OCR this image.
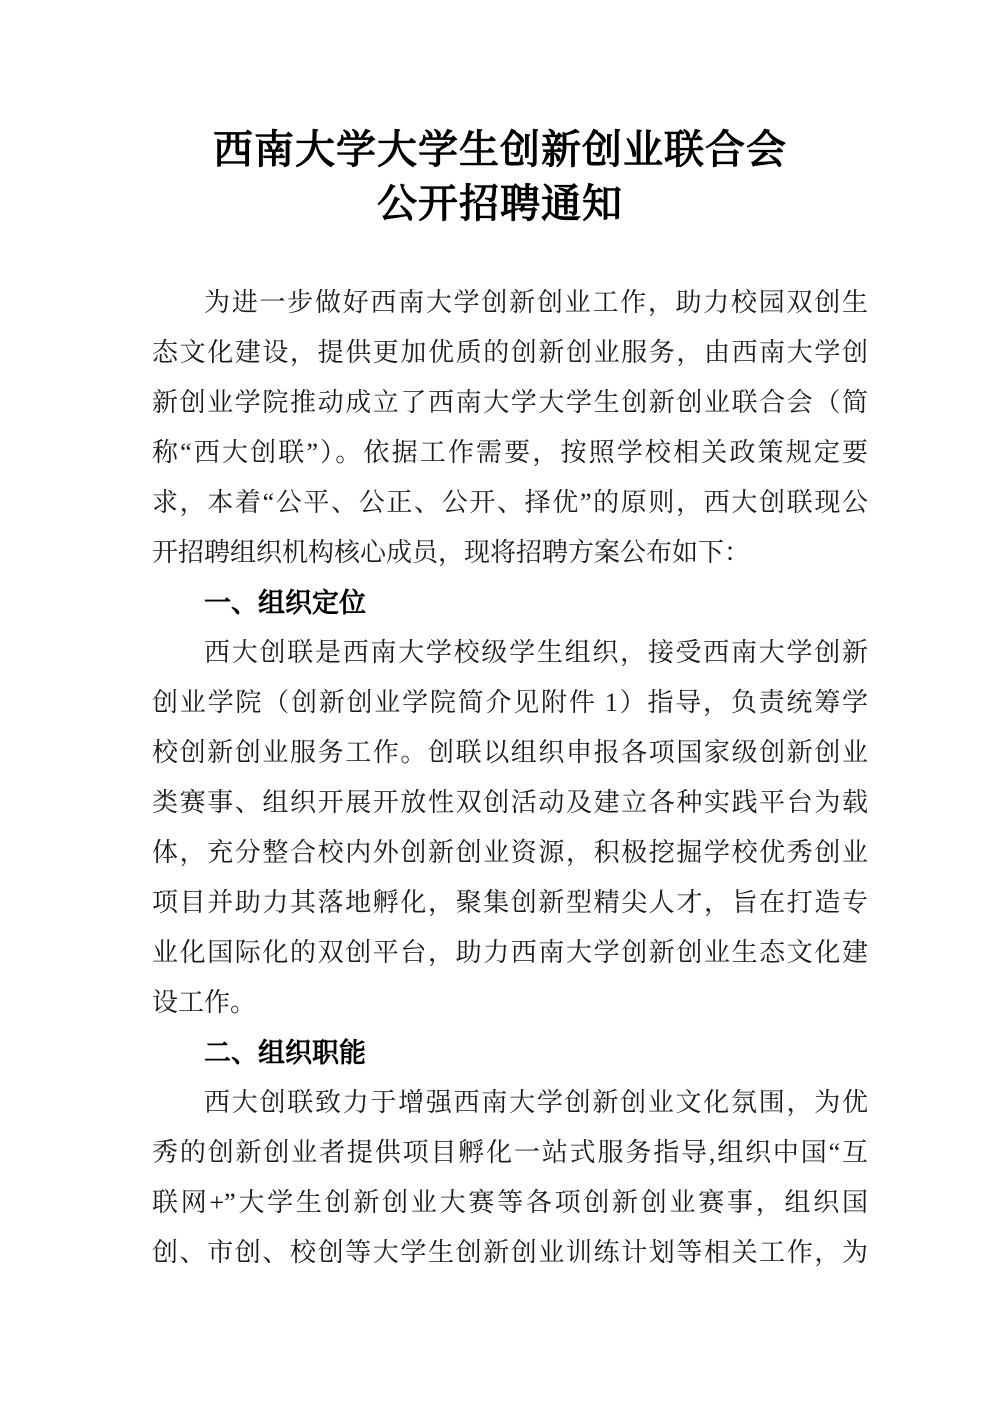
西南大学大学生创新创业联合会
公开招聘通知
为进一步做好西南大学创新创业工作，助力校园双创生
态文化建设，提供更加优质的创新创业服务，由西南大学创
新创业学院推动成立了西南大学大学生创新创业联合会（简
称“西大创联”）。依据工作需要，按照学校相关政策规定要
求，本着“公平、公正、公开、择优”的原则，西大创联现公
开招聘组织机构核心成员，现将招聘方案公布如下：
一、组织定位
西大创联是西南大学校级学生组织，接受西南大学创新
创业学院（创新创业学院简介见附件 1）指导，负责统筹学
校创新创业服务工作。创联以组织申报各项国家级创新创业
类赛事、组织开展开放性双创活动及建立各种实践平台为载
体，充分整合校内外创新创业资源，积极挖掘学校优秀创业
项目并助力其落地孵化，聚集创新型精尖人才，旨在打造专
业化国际化的双创平台，助力西南大学创新创业生态文化建
设工作。
二、组织职能
西大创联致力于增强西南大学创新创业文化氛围，为优
秀的创新创业者提供项目孵化一站式服务指导,组织中国“互
联网+”大学生创新创业大赛等各项创新创业赛事，组织国
创、市创、校创等大学生创新创业训练计划等相关工作，为
